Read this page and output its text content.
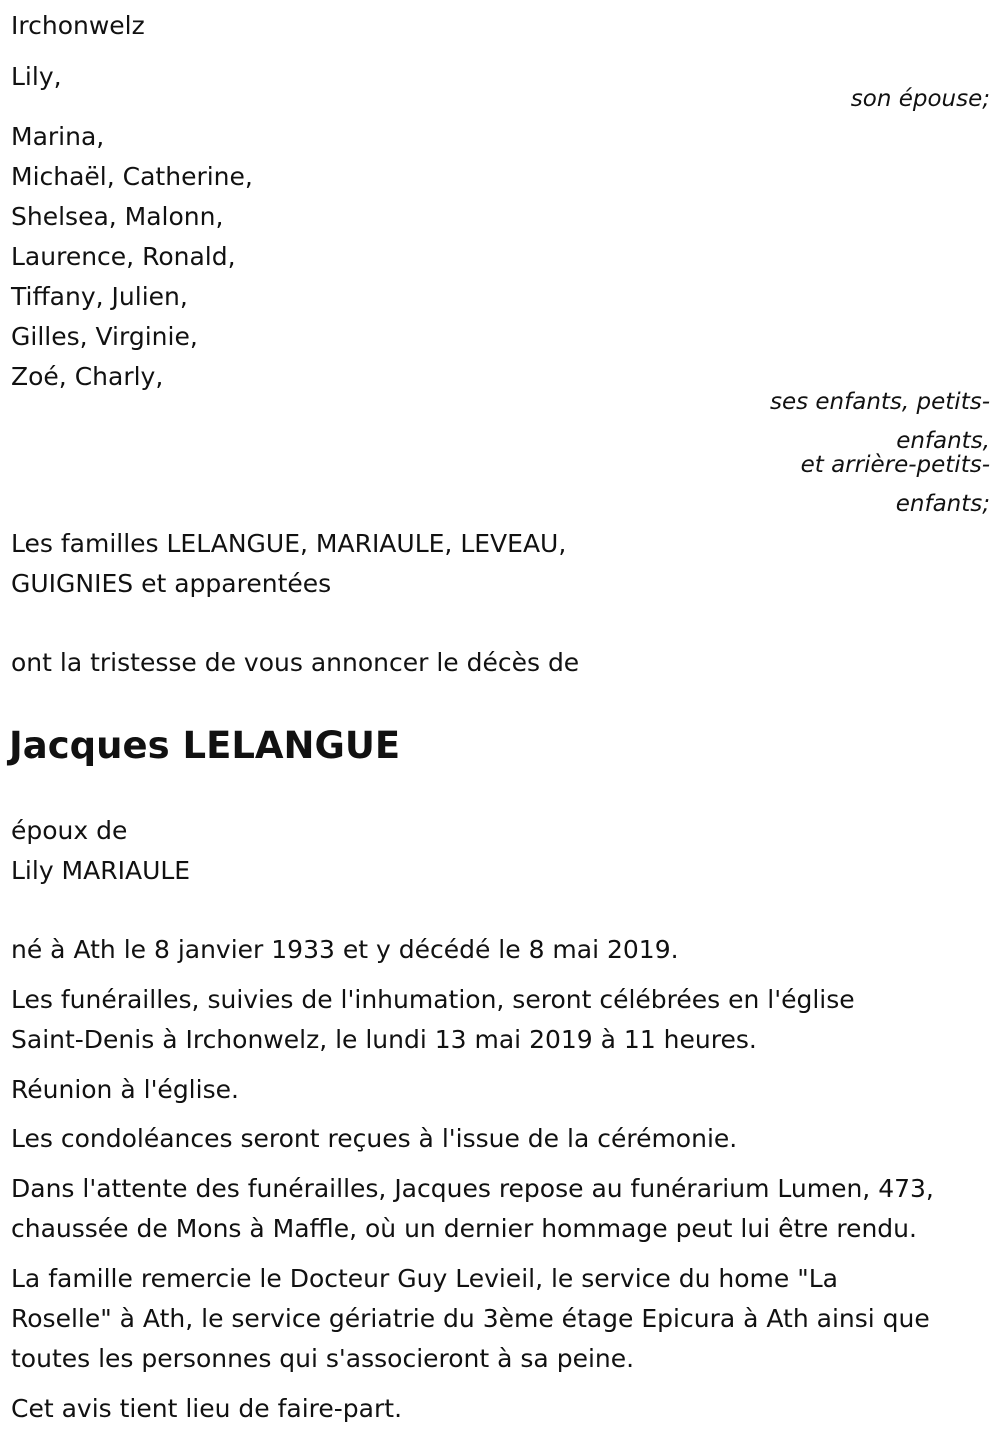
Irchonwelz
Lily,
son épouse;
Marina,
Michaël, Catherine,
Shelsea, Malonn,
Laurence, Ronald,
Tiffany, Julien,
Gilles, Virginie,
Zoé, Charly,
ses enfants, petits-
enfants,
et arrière-petits-
enfants;
Les familles LELANGUE, MARIAULE, LEVEAU,
GUIGNIES et apparentées
ont la tristesse de vous annoncer le décès de
Jacques LELANGUE
époux de
Lily MARIAULE
né à Ath le 8 janvier 1933 et y décédé le 8 mai 2019.
Les funérailles, suivies de l'inhumation, seront célébrées en l'église
Saint-Denis à Irchonwelz, le lundi 13 mai 2019 à 11 heures.
Réunion à l'église.
Les condoléances seront reçues à l'issue de la cérémonie.
Dans l'attente des funérailles, Jacques repose au funérarium Lumen, 473,
chaussée de Mons à Maffle, où un dernier hommage peut lui être rendu.
La famille remercie le Docteur Guy Levieil, le service du home "La
Roselle" à Ath, le service gériatrie du 3ème étage Epicura à Ath ainsi que
toutes les personnes qui s'associeront à sa peine.
Cet avis tient lieu de faire-part.
